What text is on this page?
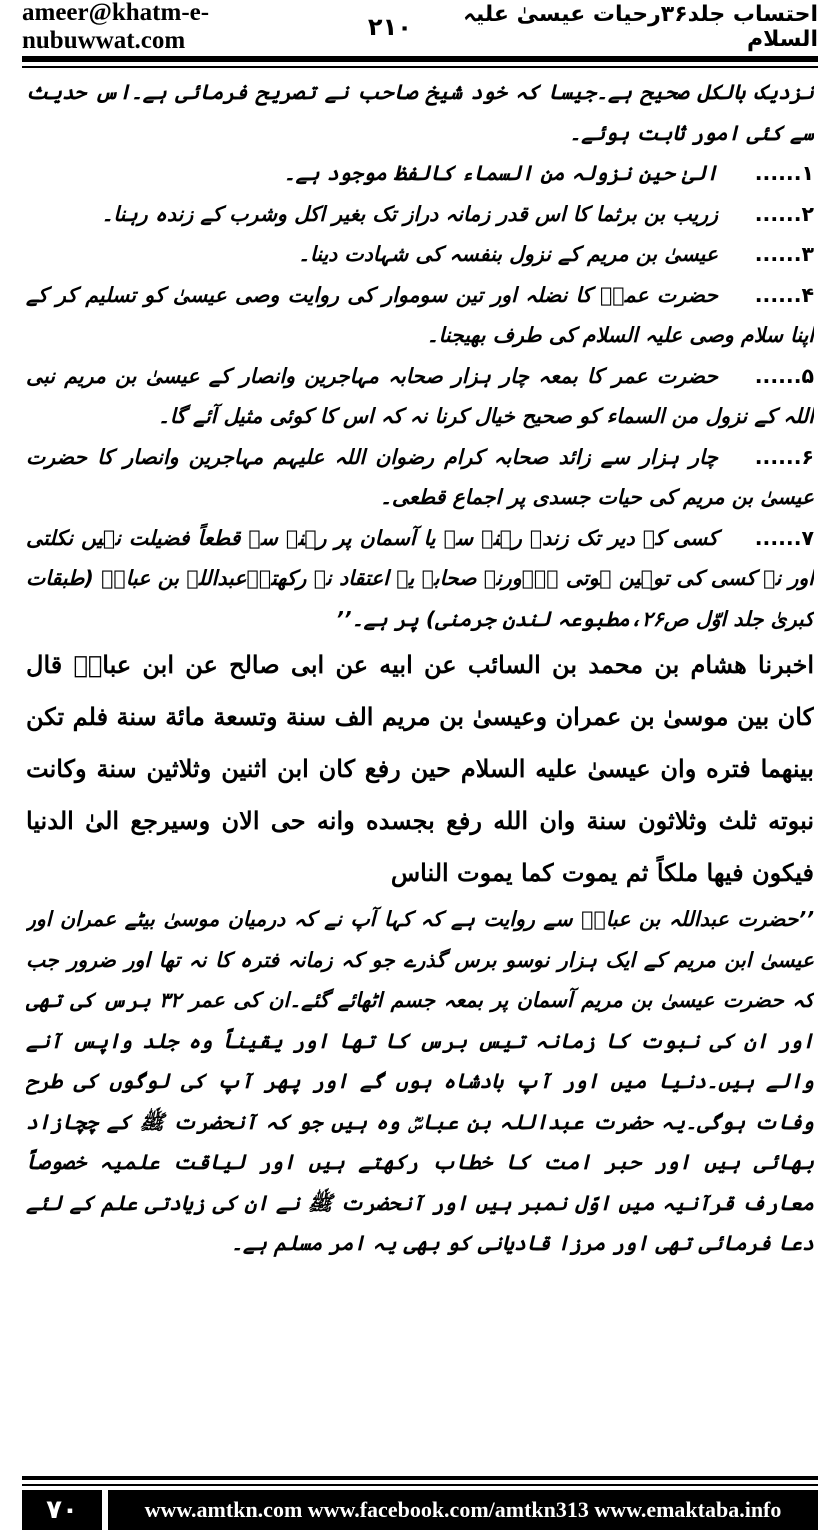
ameer@khatm-e-nubuwwat.com	۲۱۰	احتساب جلد۳۶رحیات عیسیٰ علیہ السلام

نزدیک بالکل صحیح ہے۔جیسا کہ خود شیخ صاحب نے تصریح فرمائی ہے۔اس حدیث سے کئی امور ثابت ہوئے۔

۱......الیٰ حین نزولہ من السماء کالفظ موجود ہے۔

۲......زریب بن برثما کا اس قدر زمانہ دراز تک بغیر اکل وشرب کے زندہ رہنا۔

۳......عیسیٰ بن مریم کے نزول بنفسہ کی شہادت دینا۔

۴......حضرت عمرؓ کا نضلہ اور تین سوموار کی روایت وصی عیسیٰ کو تسلیم کر کے اپنا سلام وصی علیہ السلام کی طرف بھیجنا۔

۵......حضرت عمر کا بمعہ چار ہزار صحابہ مہاجرین وانصار کے عیسیٰ بن مریم نبی اللہ کے نزول من السماء کو صحیح خیال کرنا نہ کہ اس کا کوئی مثیل آئے گا۔

۶......چار ہزار سے زائد صحابہ کرام رضوان اللہ علیہم مہاجرین وانصار کا حضرت عیسیٰ بن مریم کی حیات جسدی پر اجماع قطعی۔

۷......کسی کے دیر تک زندہ رہنے سے یا آسمان پر رہنے سے قطعاً فضیلت نہیں نکلتی اور نہ کسی کی توہین ہوتی ہے۔ورنہ صحابہ یہ اعتقاد نہ رکھتے۔عبداللہ بن عباسؓ (طبقات کبریٰ جلد اوّل ص۲۶،مطبوعہ لندن جرمنی) پر ہے۔’’

اخبرنا هشام بن محمد بن السائب عن ابيه عن ابى صالح عن ابن عباسؓ قال كان بين موسىٰ بن عمران وعيسىٰ بن مريم الف سنة وتسعة مائة سنة فلم تكن بينهما فتره وان عيسىٰ عليه السلام حين رفع كان ابن اثنين وثلاثين سنة وكانت نبوته ثلث وثلاثون سنة وان الله رفع بجسده وانه حى الان وسيرجع الىٰ الدنيا فيكون فيها ملكاً ثم يموت كما يموت الناس

’’حضرت عبداللہ بن عباسؓ سے روایت ہے کہ کہا آپ نے کہ درمیان موسیٰ بیٹے عمران اور عیسیٰ ابن مریم کے ایک ہزار نوسو برس گذرے جو کہ زمانہ فترہ کا نہ تھا اور ضرور جب کہ حضرت عیسیٰ بن مریم آسمان پر بمعہ جسم اٹھائے گئے۔ان کی عمر ۳۲ برس کی تھی اور ان کی نبوت کا زمانہ تیس برس کا تھا اور یقیناً وہ جلد واپس آنے والے ہیں۔دنیا میں اور آپ بادشاہ ہوں گے اور پھر آپ کی لوگوں کی طرح وفات ہوگی۔یہ حضرت عبداللہ بن عباسؓ وہ ہیں جو کہ آنحضرت ﷺ کے چچازاد بھائی ہیں اور حبر امت کا خطاب رکھتے ہیں اور لیاقت علمیہ خصوصاً معارف قرآنیہ میں اوّل نمبر ہیں اور آنحضرت ﷺ نے ان کی زیادتی علم کے لئے دعا فرمائی تھی اور مرزا قادیانی کو بھی یہ امر مسلم ہے۔

۷۰	www.amtkn.com www.facebook.com/amtkn313 www.emaktaba.info
